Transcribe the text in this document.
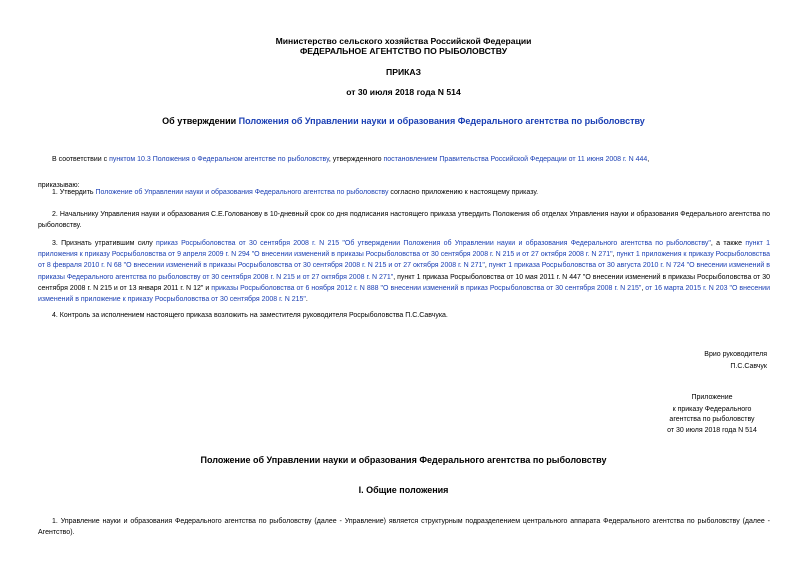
Министерство сельского хозяйства Российской Федерации
ФЕДЕРАЛЬНОЕ АГЕНТСТВО ПО РЫБОЛОВСТВУ
ПРИКАЗ
от 30 июля 2018 года N 514
Об утверждении Положения об Управлении науки и образования Федерального агентства по рыболовству
В соответствии с пунктом 10.3 Положения о Федеральном агентстве по рыболовству, утвержденного постановлением Правительства Российской Федерации от 11 июня 2008 г. N 444,
приказываю:
1. Утвердить Положение об Управлении науки и образования Федерального агентства по рыболовству согласно приложению к настоящему приказу.
2. Начальнику Управления науки и образования С.Е.Голованову в 10-дневный срок со дня подписания настоящего приказа утвердить Положения об отделах Управления науки и образования Федерального агентства по рыболовству.
3. Признать утратившим силу приказ Росрыболовства от 30 сентября 2008 г. N 215 "Об утверждении Положения об Управлении науки и образования Федерального агентства по рыболовству", а также пункт 1 приложения к приказу Росрыболовства от 9 апреля 2009 г. N 294 "О внесении изменений в приказы Росрыболовства от 30 сентября 2008 г. N 215 и от 27 октября 2008 г. N 271", пункт 1 приложения к приказу Росрыболовства от 8 февраля 2010 г. N 68 "О внесении изменений в приказы Росрыболовства от 30 сентября 2008 г. N 215 и от 27 октября 2008 г. N 271", пункт 1 приказа Росрыболовства от 30 августа 2010 г. N 724 "О внесении изменений в приказы Федерального агентства по рыболовству от 30 сентября 2008 г. N 215 и от 27 октября 2008 г. N 271", пункт 1 приказа Росрыболовства от 10 мая 2011 г. N 447 "О внесении изменений в приказы Росрыболовства от 30 сентября 2008 г. N 215 и от 13 января 2011 г. N 12" и приказы Росрыболовства от 6 ноября 2012 г. N 888 "О внесении изменений в приказ Росрыболовства от 30 сентября 2008 г. N 215", от 16 марта 2015 г. N 203 "О внесении изменений в приложение к приказу Росрыболовства от 30 сентября 2008 г. N 215".
4. Контроль за исполнением настоящего приказа возложить на заместителя руководителя Росрыболовства П.С.Савчука.
Врио руководителя
П.С.Савчук
Приложение
к приказу Федерального
агентства по рыболовству
от 30 июля 2018 года N 514
Положение об Управлении науки и образования Федерального агентства по рыболовству
I. Общие положения
1. Управление науки и образования Федерального агентства по рыболовству (далее - Управление) является структурным подразделением центрального аппарата Федерального агентства по рыболовству (далее - Агентство).
